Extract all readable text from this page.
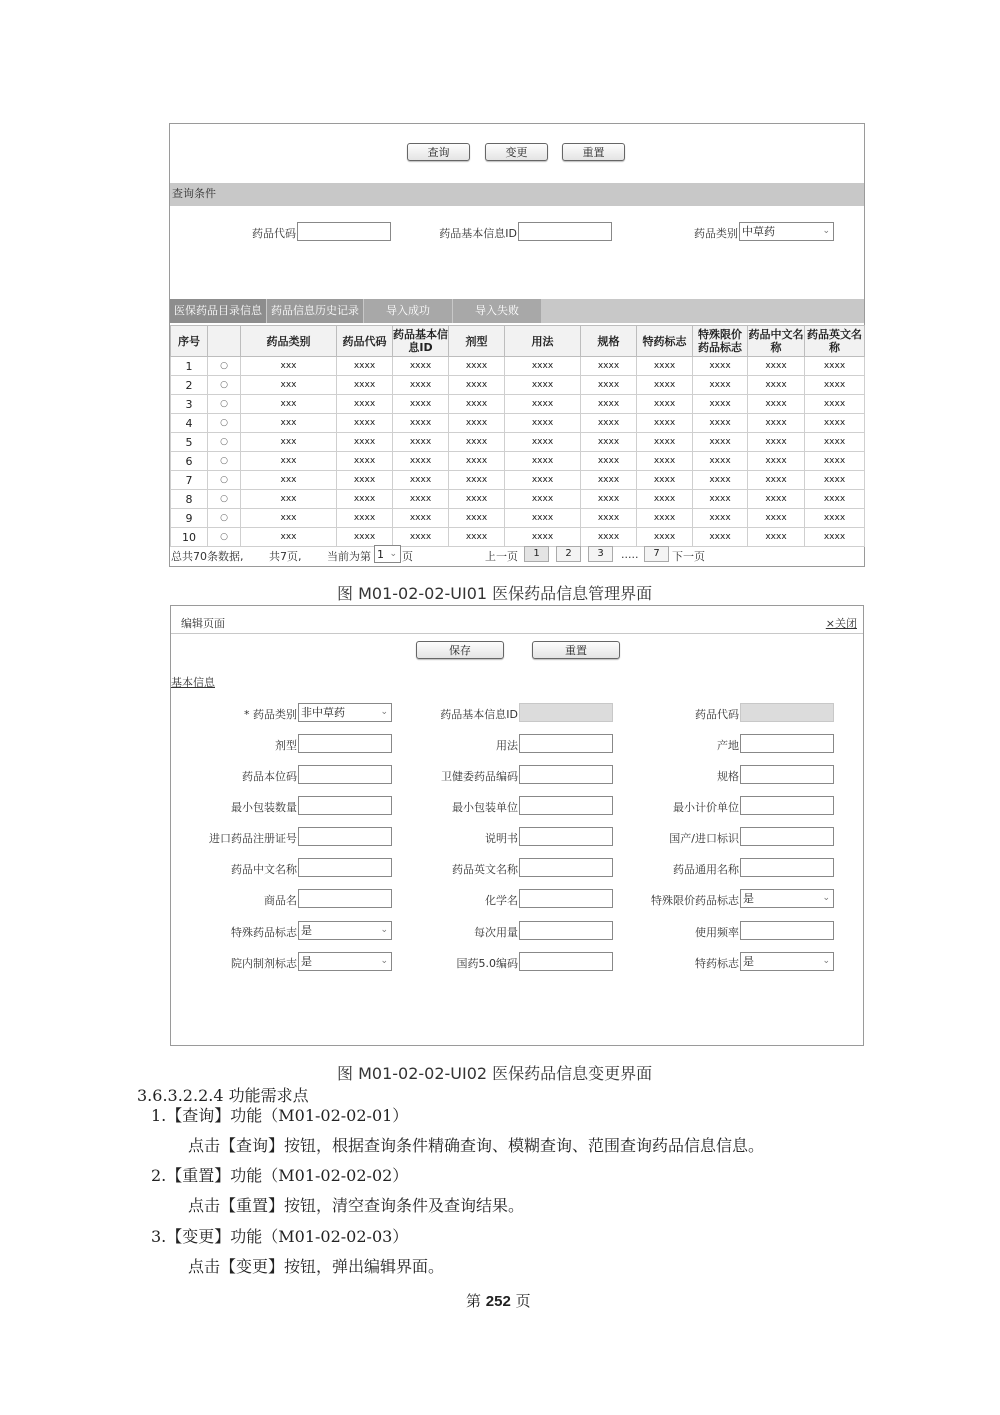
查询	变更	重置
查询条件
药品代码	药品基本信息ID	药品类别 中草药	⌄
医保药品目录信息 药品信息历史记录	导入成功	导入失败
序号		药品类别	药品代码	药品基本信息ID	剂型	用法	规格	特药标志	特殊限价药品标志	药品中文名称	药品英文名称
1	○	xxx	xxxx	xxxx	xxxx	xxxx	xxxx	xxxx	xxxx	xxxx	xxxx
2	○	xxx	xxxx	xxxx	xxxx	xxxx	xxxx	xxxx	xxxx	xxxx	xxxx
3	○	xxx	xxxx	xxxx	xxxx	xxxx	xxxx	xxxx	xxxx	xxxx	xxxx
4	○	xxx	xxxx	xxxx	xxxx	xxxx	xxxx	xxxx	xxxx	xxxx	xxxx
5	○	xxx	xxxx	xxxx	xxxx	xxxx	xxxx	xxxx	xxxx	xxxx	xxxx
6	○	xxx	xxxx	xxxx	xxxx	xxxx	xxxx	xxxx	xxxx	xxxx	xxxx
7	○	xxx	xxxx	xxxx	xxxx	xxxx	xxxx	xxxx	xxxx	xxxx	xxxx
8	○	xxx	xxxx	xxxx	xxxx	xxxx	xxxx	xxxx	xxxx	xxxx	xxxx
9	○	xxx	xxxx	xxxx	xxxx	xxxx	xxxx	xxxx	xxxx	xxxx	xxxx
10	○	xxx	xxxx	xxxx	xxxx	xxxx	xxxx	xxxx	xxxx	xxxx	xxxx
总共70条数据, 共7页, 当前为第 1 ⌄ 页	上一页	1	2	3	.....	7	下一页
图 M01-02-02-UI01 医保药品信息管理界面
编辑页面	×关闭
保存	重置
基本信息
* 药品类别 非中草药	⌄	药品基本信息ID	药品代码
剂型	用法	产地
药品本位码	卫健委药品编码	规格
最小包装数量	最小包装单位	最小计价单位
进口药品注册证号	说明书	国产/进口标识
药品中文名称	药品英文名称	药品通用名称
商品名	化学名	特殊限价药品标志 是	⌄
特殊药品标志 是	⌄	每次用量	使用频率
院内制剂标志 是	⌄	国药5.0编码	特药标志 是	⌄
图 M01-02-02-UI02 医保药品信息变更界面
3.6.3.2.2.4 功能需求点
1.【查询】功能（M01-02-02-01）
点击【查询】按钮，根据查询条件精确查询、模糊查询、范围查询药品信息信息。
2.【重置】功能（M01-02-02-02）
点击【重置】按钮，清空查询条件及查询结果。
3.【变更】功能（M01-02-02-03）
点击【变更】按钮，弹出编辑界面。
第 252 页
